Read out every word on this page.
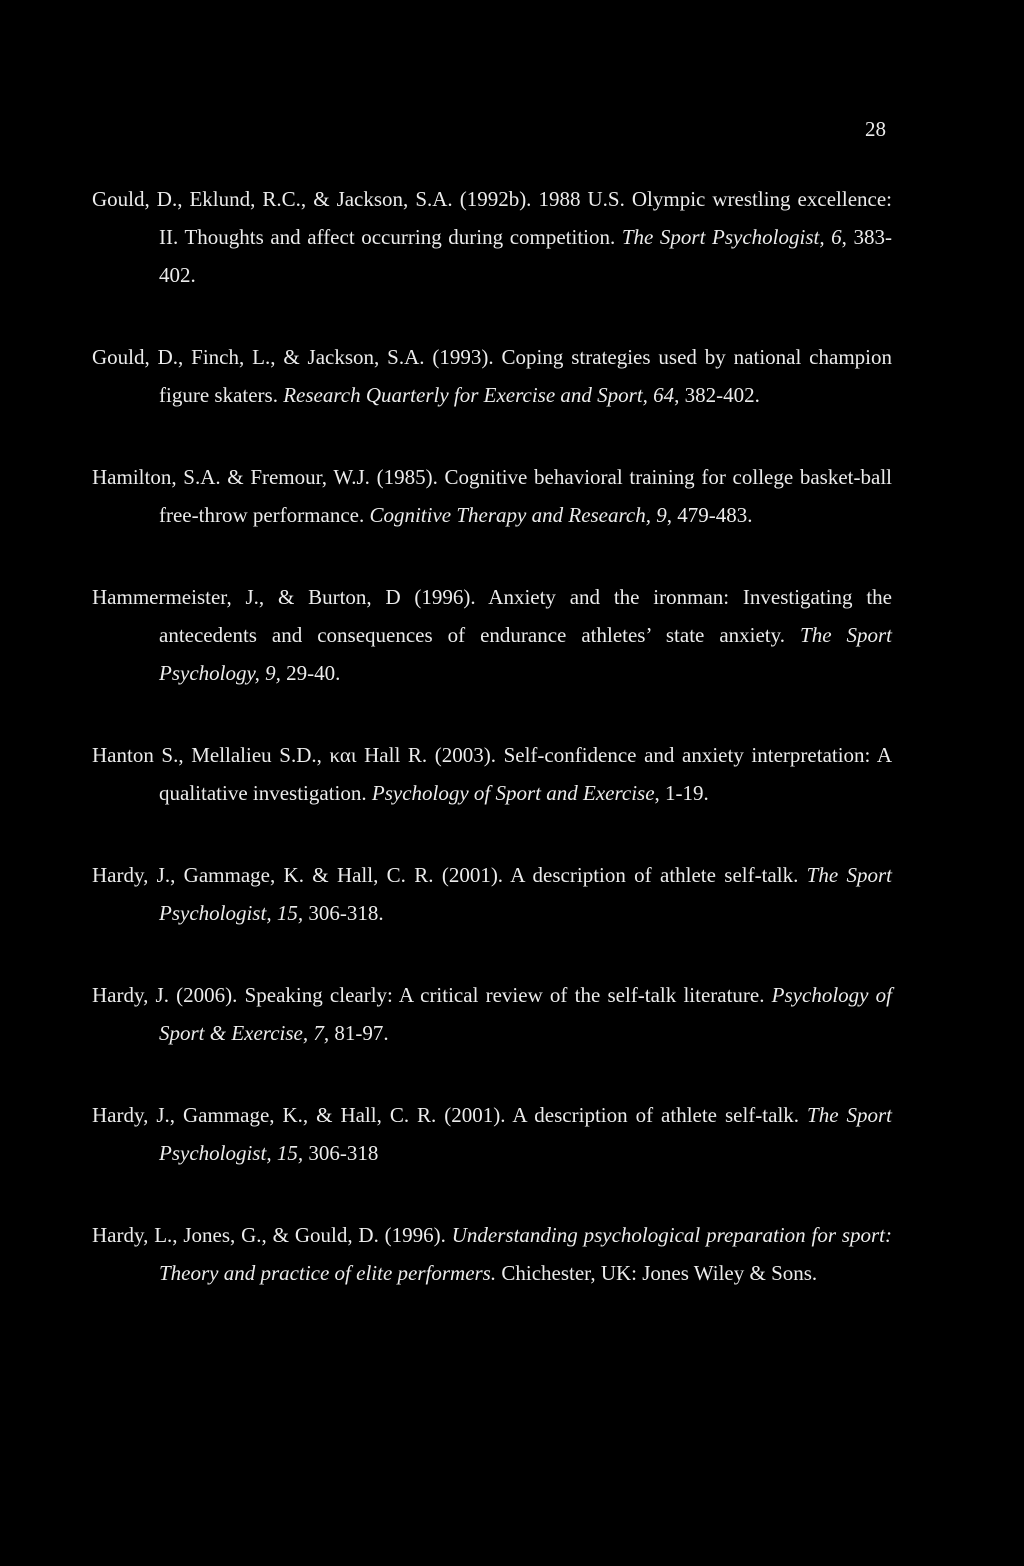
28

Gould, D., Eklund, R.C., & Jackson, S.A. (1992b). 1988 U.S. Olympic wrestling excellence: II. Thoughts and affect occurring during competition. The Sport Psychologist, 6, 383-402.

Gould, D., Finch, L., & Jackson, S.A. (1993). Coping strategies used by national champion figure skaters. Research Quarterly for Exercise and Sport, 64, 382-402.

Hamilton, S.A. & Fremour, W.J. (1985). Cognitive behavioral training for college basket-ball free-throw performance. Cognitive Therapy and Research, 9, 479-483.

Hammermeister, J., & Burton, D (1996). Anxiety and the ironman: Investigating the antecedents and consequences of endurance athletes’ state anxiety. The Sport Psychology, 9, 29-40.

Hanton S., Mellalieu S.D., και Hall R. (2003). Self-confidence and anxiety interpretation: A qualitative investigation. Psychology of Sport and Exercise, 1-19.

Hardy, J., Gammage, K. & Hall, C. R. (2001). A description of athlete self-talk. The Sport Psychologist, 15, 306-318.

Hardy, J. (2006). Speaking clearly: A critical review of the self-talk literature. Psychology of Sport & Exercise, 7, 81-97.

Hardy, J., Gammage, K., & Hall, C. R. (2001). A description of athlete self-talk. The Sport Psychologist, 15, 306-318

Hardy, L., Jones, G., & Gould, D. (1996). Understanding psychological preparation for sport: Theory and practice of elite performers. Chichester, UK: Jones Wiley & Sons.
